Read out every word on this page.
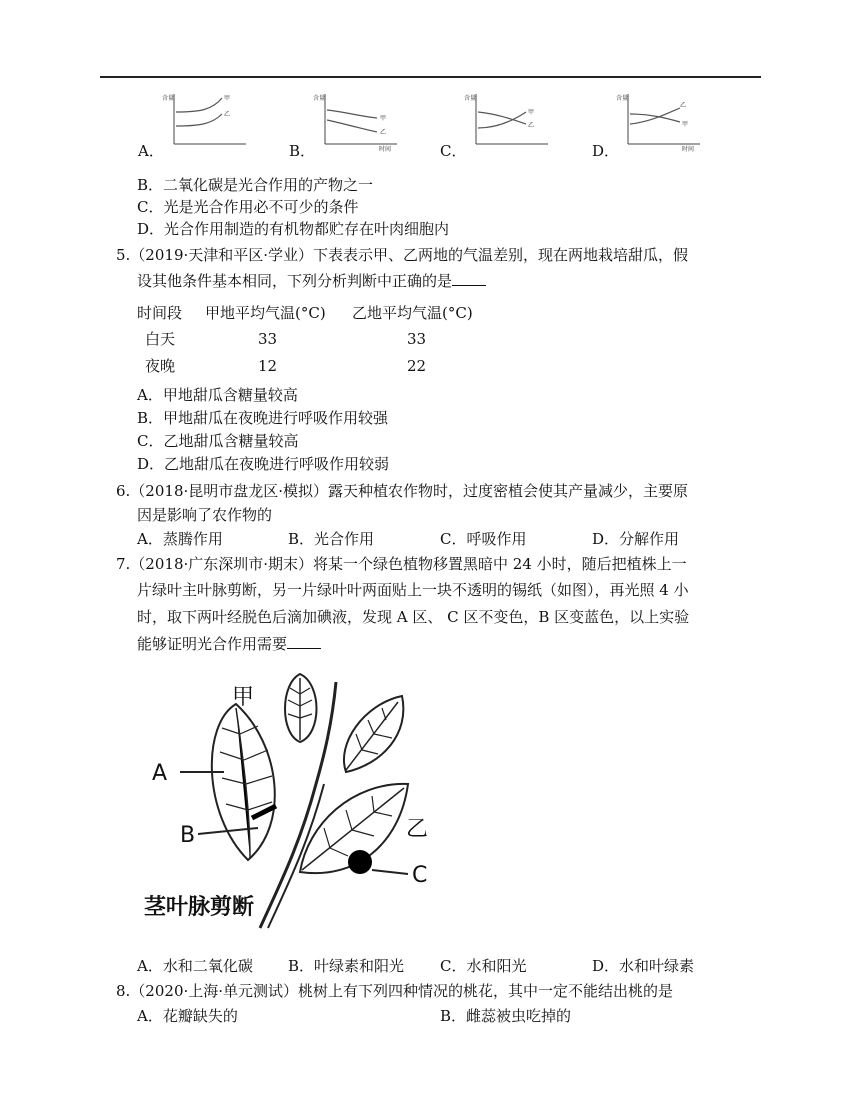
A．
含量	甲
乙
B．
含量
甲
乙
时间	C．
含量
甲
乙
D．
含量
乙
甲
时间
B．二氧化碳是光合作用的产物之一
C．光是光合作用必不可少的条件
D．光合作用制造的有机物都贮存在叶肉细胞内
5.（2019·天津和平区·学业）下表表示甲、乙两地的气温差别，现在两地栽培甜瓜，假
设其他条件基本相同，下列分析判断中正确的是
时间段 甲地平均气温(°C) 乙地平均气温(°C)
白天	33	33
夜晚	12	22
A．甲地甜瓜含糖量较高
B．甲地甜瓜在夜晚进行呼吸作用较强
C．乙地甜瓜含糖量较高
D．乙地甜瓜在夜晚进行呼吸作用较弱
6.（2018·昆明市盘龙区·模拟）露天种植农作物时，过度密植会使其产量减少，主要原
因是影响了农作物的
A．蒸腾作用	B．光合作用	C．呼吸作用	D．分解作用
7.（2018·广东深圳市·期末）将某一个绿色植物移置黑暗中 24 小时，随后把植株上一
片绿叶主叶脉剪断，另一片绿叶叶两面贴上一块不透明的锡纸（如图），再光照 4 小
时，取下两叶经脱色后滴加碘液，发现 A 区、 C 区不变色，B 区变蓝色，以上实验
能够证明光合作用需要
甲
A
B	乙
C
茎叶脉剪断
A．水和二氧化碳 B．叶绿素和阳光 C．水和阳光	D．水和叶绿素
8.（2020·上海·单元测试）桃树上有下列四种情况的桃花，其中一定不能结出桃的是
A．花瓣缺失的	B．雌蕊被虫吃掉的
